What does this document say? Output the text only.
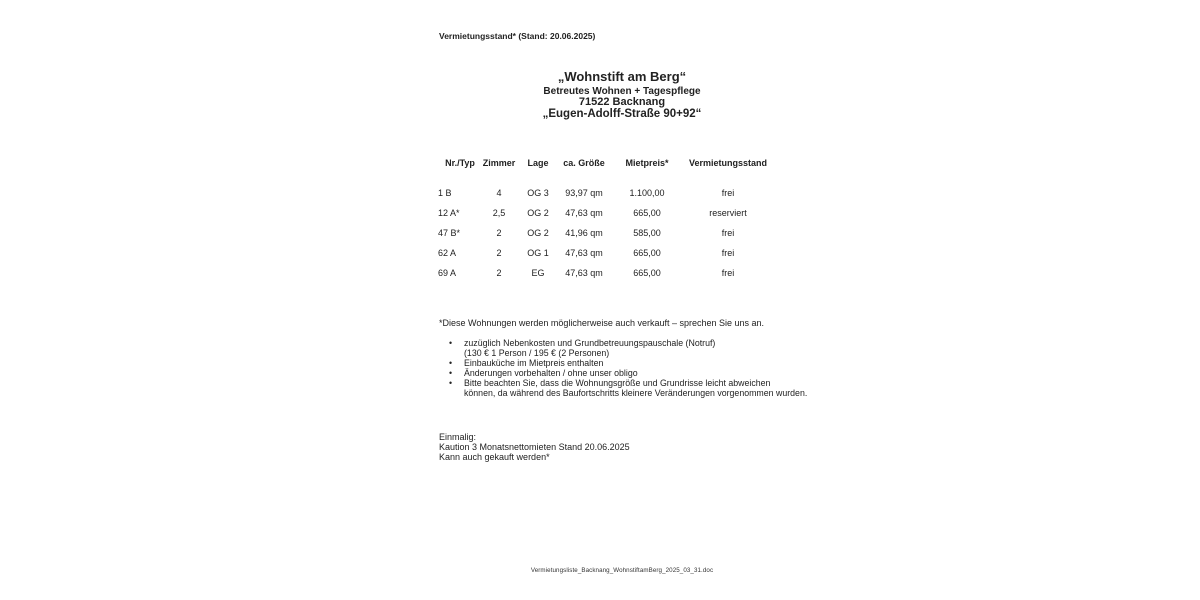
Vermietungsstand* (Stand: 20.06.2025)
„Wohnstift am Berg“
Betreutes Wohnen + Tagespflege
71522 Backnang
„Eugen-Adolff-Straße 90+92“
Nr./Typ	Zimmer	Lage	ca. Größe	Mietpreis*	Vermietungsstand
1 B	4	OG 3	93,97 qm	1.100,00	frei
12 A*	2,5	OG 2	47,63 qm	665,00	reserviert
47 B*	2	OG 2	41,96 qm	585,00	frei
62 A	2	OG 1	47,63 qm	665,00	frei
69 A	2	EG	47,63 qm	665,00	frei
*Diese Wohnungen werden möglicherweise auch verkauft – sprechen Sie uns an.
• zuzüglich Nebenkosten und Grundbetreuungspauschale (Notruf)
(130 € 1 Person / 195 € (2 Personen)
• Einbauküche im Mietpreis enthalten
• Änderungen vorbehalten / ohne unser obligo
• Bitte beachten Sie, dass die Wohnungsgröße und Grundrisse leicht abweichen
können, da während des Baufortschritts kleinere Veränderungen vorgenommen wurden.
Einmalig:
Kaution 3 Monatsnettomieten Stand 20.06.2025
Kann auch gekauft werden*
Vermietungsliste_Backnang_WohnstiftamBerg_2025_03_31.doc
